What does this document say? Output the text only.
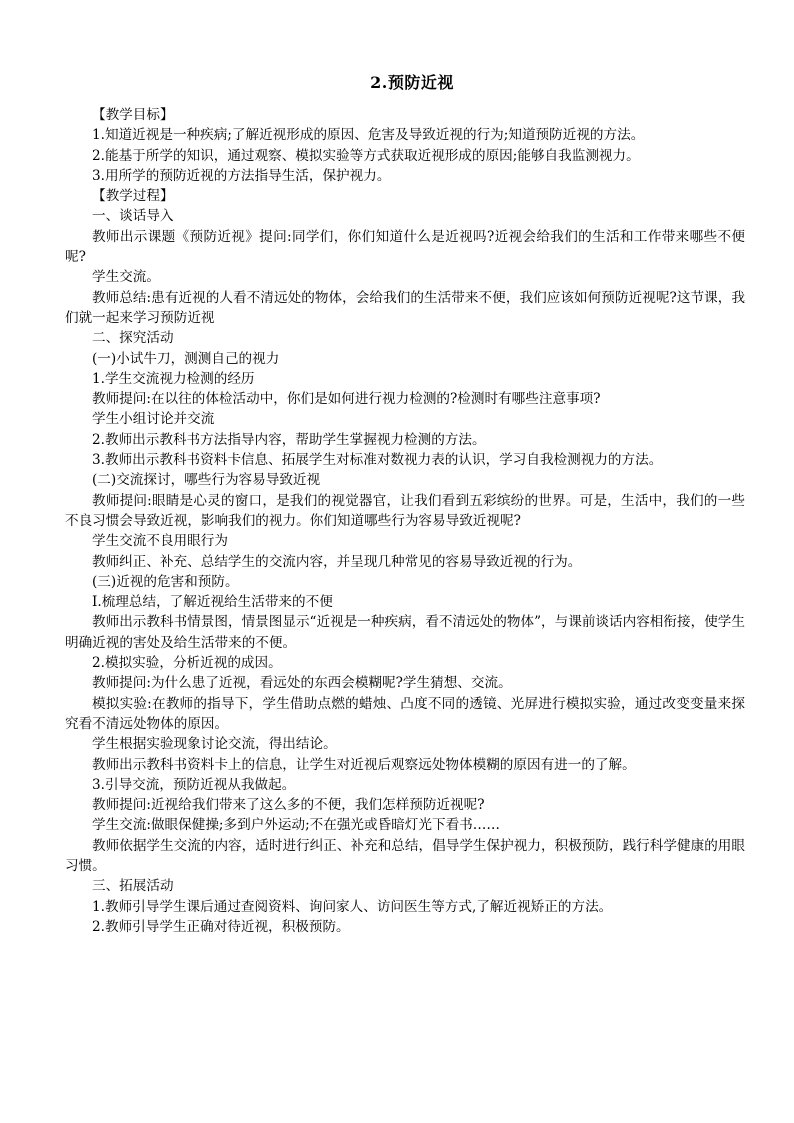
2.预防近视

【教学目标】

1.知道近视是一种疾病;了解近视形成的原因、危害及导致近视的行为;知道预防近视的方法。

2.能基于所学的知识，通过观察、模拟实验等方式获取近视形成的原因;能够自我监测视力。

3.用所学的预防近视的方法指导生活，保护视力。

【教学过程】

一、谈话导入

教师出示课题《预防近视》提问:同学们，你们知道什么是近视吗?近视会给我们的生活和工作带来哪些不便呢?

学生交流。

教师总结:患有近视的人看不清远处的物体，会给我们的生活带来不便，我们应该如何预防近视呢?这节课，我们就一起来学习预防近视

二、探究活动

(一)小试牛刀，测测自己的视力

1.学生交流视力检测的经历

教师提问:在以往的体检活动中，你们是如何进行视力检测的?检测时有哪些注意事项?

学生小组讨论并交流

2.教师出示教科书方法指导内容，帮助学生掌握视力检测的方法。

3.教师出示教科书资料卡信息、拓展学生对标准对数视力表的认识，学习自我检测视力的方法。

(二)交流探讨，哪些行为容易导致近视

教师提问:眼睛是心灵的窗口，是我们的视觉器官，让我们看到五彩缤纷的世界。可是，生活中，我们的一些不良习惯会导致近视，影响我们的视力。你们知道哪些行为容易导致近视呢?

学生交流不良用眼行为

教师纠正、补充、总结学生的交流内容，并呈现几种常见的容易导致近视的行为。

(三)近视的危害和预防。

I.梳理总结，了解近视给生活带来的不便

教师出示教科书情景图，情景图显示“近视是一种疾病，看不清远处的物体”，与课前谈话内容相衔接，使学生明确近视的害处及给生活带来的不便。

2.模拟实验，分析近视的成因。

教师提问:为什么患了近视，看远处的东西会模糊呢?学生猜想、交流。

模拟实验:在教师的指导下，学生借助点燃的蜡烛、凸度不同的透镜、光屏进行模拟实验，通过改变变量来探究看不清远处物体的原因。

学生根据实验现象讨论交流，得出结论。

教师出示教科书资料卡上的信息，让学生对近视后观察远处物体模糊的原因有进一的了解。

3.引导交流，预防近视从我做起。

教师提问:近视给我们带来了这么多的不便，我们怎样预防近视呢?

学生交流:做眼保健操;多到户外运动;不在强光或昏暗灯光下看书……

教师依据学生交流的内容，适时进行纠正、补充和总结，倡导学生保护视力，积极预防，践行科学健康的用眼习惯。

三、拓展活动

1.教师引导学生课后通过查阅资料、询问家人、访问医生等方式,了解近视矫正的方法。

2.教师引导学生正确对待近视，积极预防。
